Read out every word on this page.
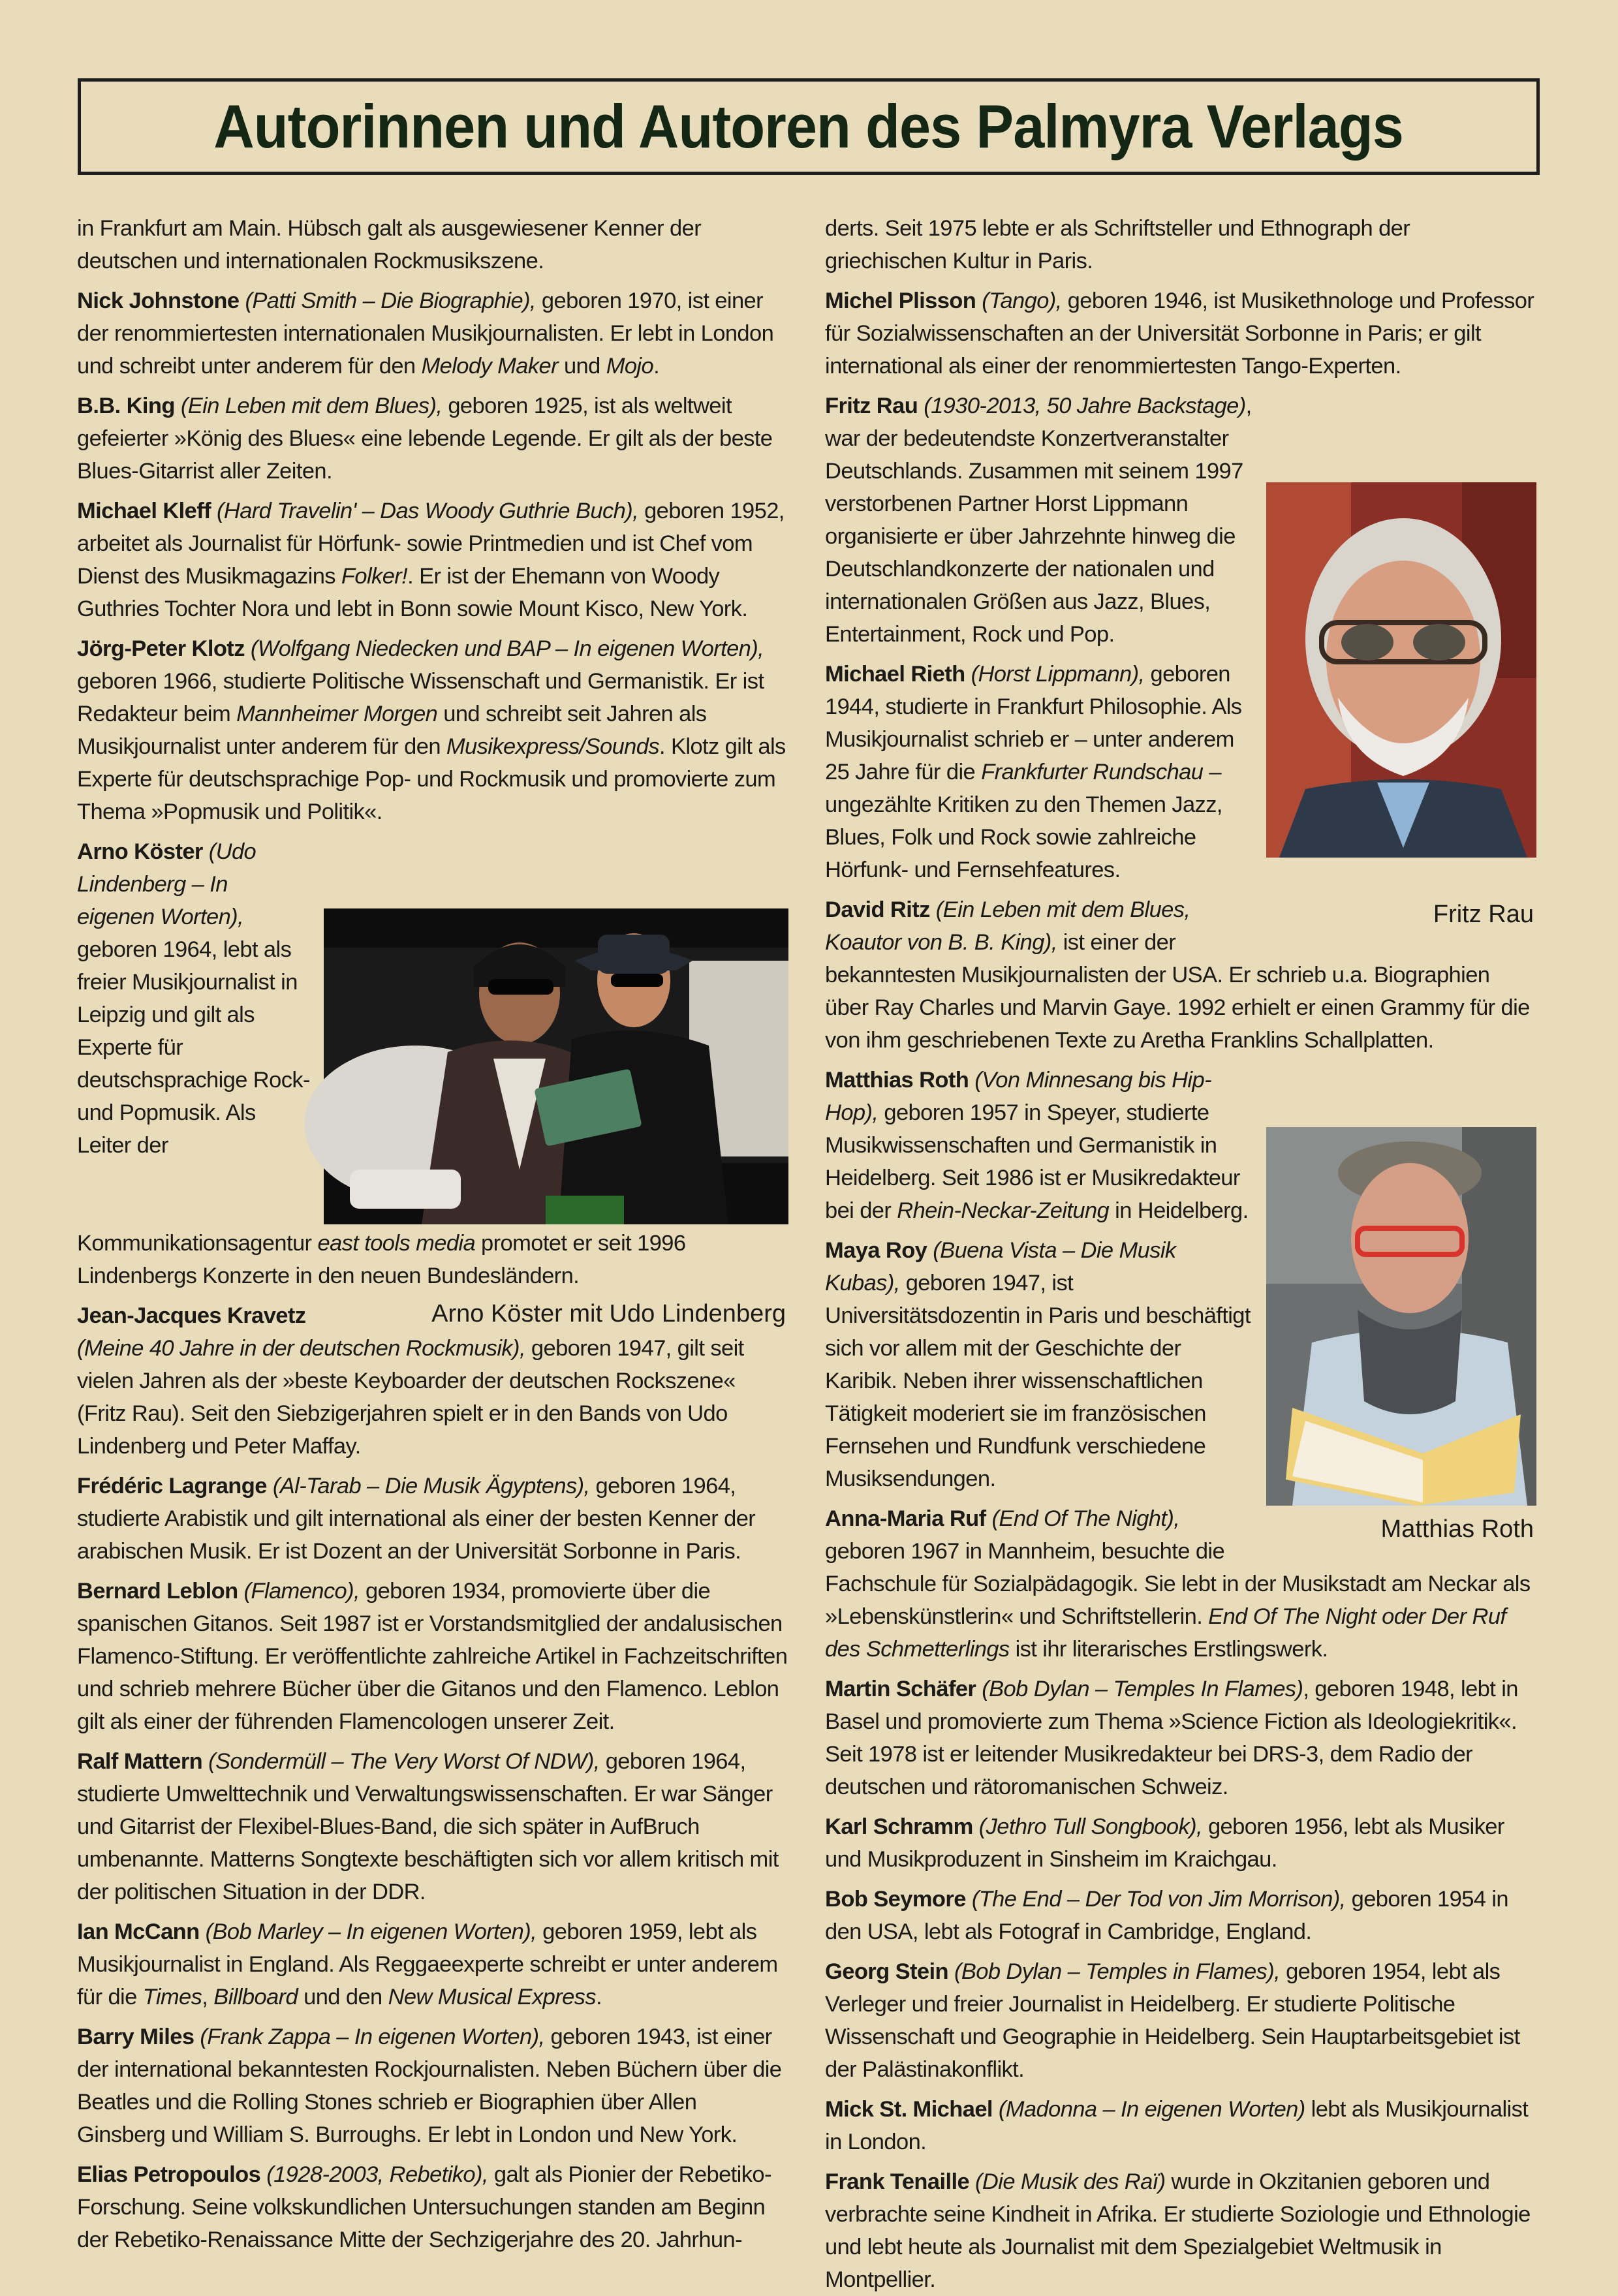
Autorinnen und Autoren des Palmyra Verlags

in Frankfurt am Main. Hübsch galt als ausgewiesener Kenner der deutschen und internationalen Rockmusikszene.

Nick Johnstone (Patti Smith – Die Biographie), geboren 1970, ist einer der renommiertesten internationalen Musikjournalisten. Er lebt in London und schreibt unter anderem für den Melody Maker und Mojo.

B.B. King (Ein Leben mit dem Blues), geboren 1925, ist als weltweit gefeierter »König des Blues« eine lebende Legende. Er gilt als der beste Blues-Gitarrist aller Zeiten.

Michael Kleff (Hard Travelin' – Das Woody Guthrie Buch), geboren 1952, arbeitet als Journalist für Hörfunk- sowie Printmedien und ist Chef vom Dienst des Musikmagazins Folker!. Er ist der Ehemann von Woody Guthries Tochter Nora und lebt in Bonn sowie Mount Kisco, New York.

Jörg-Peter Klotz (Wolfgang Niedecken und BAP – In eigenen Worten), geboren 1966, studierte Politische Wissenschaft und Germanistik. Er ist Redakteur beim Mannheimer Morgen und schreibt seit Jahren als Musikjournalist unter anderem für den Musikexpress/Sounds. Klotz gilt als Experte für deutschsprachige Pop- und Rockmusik und promovierte zum Thema »Popmusik und Politik«.

Arno Köster (Udo Lindenberg – In eigenen Worten), geboren 1964, lebt als freier Musikjournalist in Leipzig und gilt als Experte für deutschsprachige Rock- und Popmusik. Als Leiter der Kommunikationsagentur east tools media promotet er seit 1996 Lindenbergs Konzerte in den neuen Bundesländern.

Arno Köster mit Udo Lindenberg

Jean-Jacques Kravetz (Meine 40 Jahre in der deutschen Rockmusik), geboren 1947, gilt seit vielen Jahren als der »beste Keyboarder der deutschen Rockszene« (Fritz Rau). Seit den Siebzigerjahren spielt er in den Bands von Udo Lindenberg und Peter Maffay.

Frédéric Lagrange (Al-Tarab – Die Musik Ägyptens), geboren 1964, studierte Arabistik und gilt international als einer der besten Kenner der arabischen Musik. Er ist Dozent an der Universität Sorbonne in Paris.

Bernard Leblon (Flamenco), geboren 1934, promovierte über die spanischen Gitanos. Seit 1987 ist er Vorstandsmitglied der andalusischen Flamenco-Stiftung. Er veröffentlichte zahlreiche Artikel in Fachzeitschriften und schrieb mehrere Bücher über die Gitanos und den Flamenco. Leblon gilt als einer der führenden Flamencologen unserer Zeit.

Ralf Mattern (Sondermüll – The Very Worst Of NDW), geboren 1964, studierte Umwelttechnik und Verwaltungswissenschaften. Er war Sänger und Gitarrist der Flexibel-Blues-Band, die sich später in AufBruch umbenannte. Matterns Songtexte beschäftigten sich vor allem kritisch mit der politischen Situation in der DDR.

Ian McCann (Bob Marley – In eigenen Worten), geboren 1959, lebt als Musikjournalist in England. Als Reggaeexperte schreibt er unter anderem für die Times, Billboard und den New Musical Express.

Barry Miles (Frank Zappa – In eigenen Worten), geboren 1943, ist einer der international bekanntesten Rockjournalisten. Neben Büchern über die Beatles und die Rolling Stones schrieb er Biographien über Allen Ginsberg und William S. Burroughs. Er lebt in London und New York.

Elias Petropoulos (1928-2003, Rebetiko), galt als Pionier der Rebetiko-Forschung. Seine volkskundlichen Untersuchungen standen am Beginn der Rebetiko-Renaissance Mitte der Sechzigerjahre des 20. Jahrhun-

derts. Seit 1975 lebte er als Schriftsteller und Ethnograph der griechischen Kultur in Paris.

Michel Plisson (Tango), geboren 1946, ist Musikethnologe und Professor für Sozialwissenschaften an der Universität Sorbonne in Paris; er gilt international als einer der renommiertesten Tango-Experten.

Fritz Rau (1930-2013, 50 Jahre Backstage), war der bedeutendste Konzertveranstalter Deutschlands. Zusammen mit seinem 1997 verstorbenen Partner Horst Lippmann organisierte er über Jahrzehnte hinweg die Deutschlandkonzerte der nationalen und internationalen Größen aus Jazz, Blues, Entertainment, Rock und Pop.

Michael Rieth (Horst Lippmann), geboren 1944, studierte in Frankfurt Philosophie. Als Musikjournalist schrieb er – unter anderem 25 Jahre für die Frankfurter Rundschau – ungezählte Kritiken zu den Themen Jazz, Blues, Folk und Rock sowie zahlreiche Hörfunk- und Fernsehfeatures.

Fritz Rau

David Ritz (Ein Leben mit dem Blues, Koautor von B. B. King), ist einer der bekanntesten Musikjournalisten der USA. Er schrieb u.a. Biographien über Ray Charles und Marvin Gaye. 1992 erhielt er einen Grammy für die von ihm geschriebenen Texte zu Aretha Franklins Schallplatten.

Matthias Roth (Von Minnesang bis Hip-Hop), geboren 1957 in Speyer, studierte Musikwissenschaften und Germanistik in Heidelberg. Seit 1986 ist er Musikredakteur bei der Rhein-Neckar-Zeitung in Heidelberg.

Maya Roy (Buena Vista – Die Musik Kubas), geboren 1947, ist Universitätsdozentin in Paris und beschäftigt sich vor allem mit der Geschichte der Karibik. Neben ihrer wissenschaftlichen Tätigkeit moderiert sie im französischen Fernsehen und Rundfunk verschiedene Musiksendungen.

Matthias Roth

Anna-Maria Ruf (End Of The Night), geboren 1967 in Mannheim, besuchte die Fachschule für Sozialpädagogik. Sie lebt in der Musikstadt am Neckar als »Lebenskünstlerin« und Schriftstellerin. End Of The Night oder Der Ruf des Schmetterlings ist ihr literarisches Erstlingswerk.

Martin Schäfer (Bob Dylan – Temples In Flames), geboren 1948, lebt in Basel und promovierte zum Thema »Science Fiction als Ideologiekritik«. Seit 1978 ist er leitender Musikredakteur bei DRS-3, dem Radio der deutschen und rätoromanischen Schweiz.

Karl Schramm (Jethro Tull Songbook), geboren 1956, lebt als Musiker und Musikproduzent in Sinsheim im Kraichgau.

Bob Seymore (The End – Der Tod von Jim Morrison), geboren 1954 in den USA, lebt als Fotograf in Cambridge, England.

Georg Stein (Bob Dylan – Temples in Flames), geboren 1954, lebt als Verleger und freier Journalist in Heidelberg. Er studierte Politische Wissenschaft und Geographie in Heidelberg. Sein Hauptarbeitsgebiet ist der Palästinakonflikt.

Mick St. Michael (Madonna – In eigenen Worten) lebt als Musikjournalist in London.

Frank Tenaille (Die Musik des Raï) wurde in Okzitanien geboren und verbrachte seine Kindheit in Afrika. Er studierte Soziologie und Ethnologie und lebt heute als Journalist mit dem Spezialgebiet Weltmusik in Montpellier.
